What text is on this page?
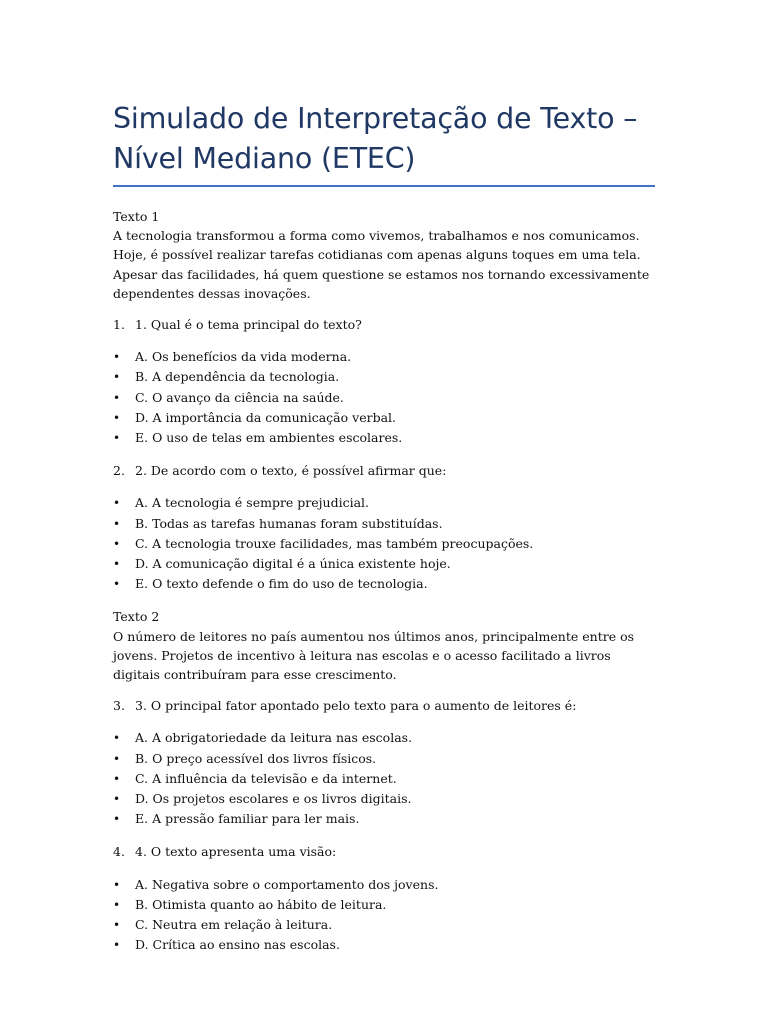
Simulado de Interpretação de Texto –
Nível Mediano (ETEC)
Texto 1
A tecnologia transformou a forma como vivemos, trabalhamos e nos comunicamos. Hoje, é possível realizar tarefas cotidianas com apenas alguns toques em uma tela. Apesar das facilidades, há quem questione se estamos nos tornando excessivamente dependentes dessas inovações.
1. 1. Qual é o tema principal do texto?
•	A. Os benefícios da vida moderna.
•	B. A dependência da tecnologia.
•	C. O avanço da ciência na saúde.
•	D. A importância da comunicação verbal.
•	E. O uso de telas em ambientes escolares.
2. 2. De acordo com o texto, é possível afirmar que:
•	A. A tecnologia é sempre prejudicial.
•	B. Todas as tarefas humanas foram substituídas.
•	C. A tecnologia trouxe facilidades, mas também preocupações.
•	D. A comunicação digital é a única existente hoje.
•	E. O texto defende o fim do uso de tecnologia.
Texto 2
O número de leitores no país aumentou nos últimos anos, principalmente entre os jovens. Projetos de incentivo à leitura nas escolas e o acesso facilitado a livros digitais contribuíram para esse crescimento.
3. 3. O principal fator apontado pelo texto para o aumento de leitores é:
•	A. A obrigatoriedade da leitura nas escolas.
•	B. O preço acessível dos livros físicos.
•	C. A influência da televisão e da internet.
•	D. Os projetos escolares e os livros digitais.
•	E. A pressão familiar para ler mais.
4. 4. O texto apresenta uma visão:
•	A. Negativa sobre o comportamento dos jovens.
•	B. Otimista quanto ao hábito de leitura.
•	C. Neutra em relação à leitura.
•	D. Crítica ao ensino nas escolas.
